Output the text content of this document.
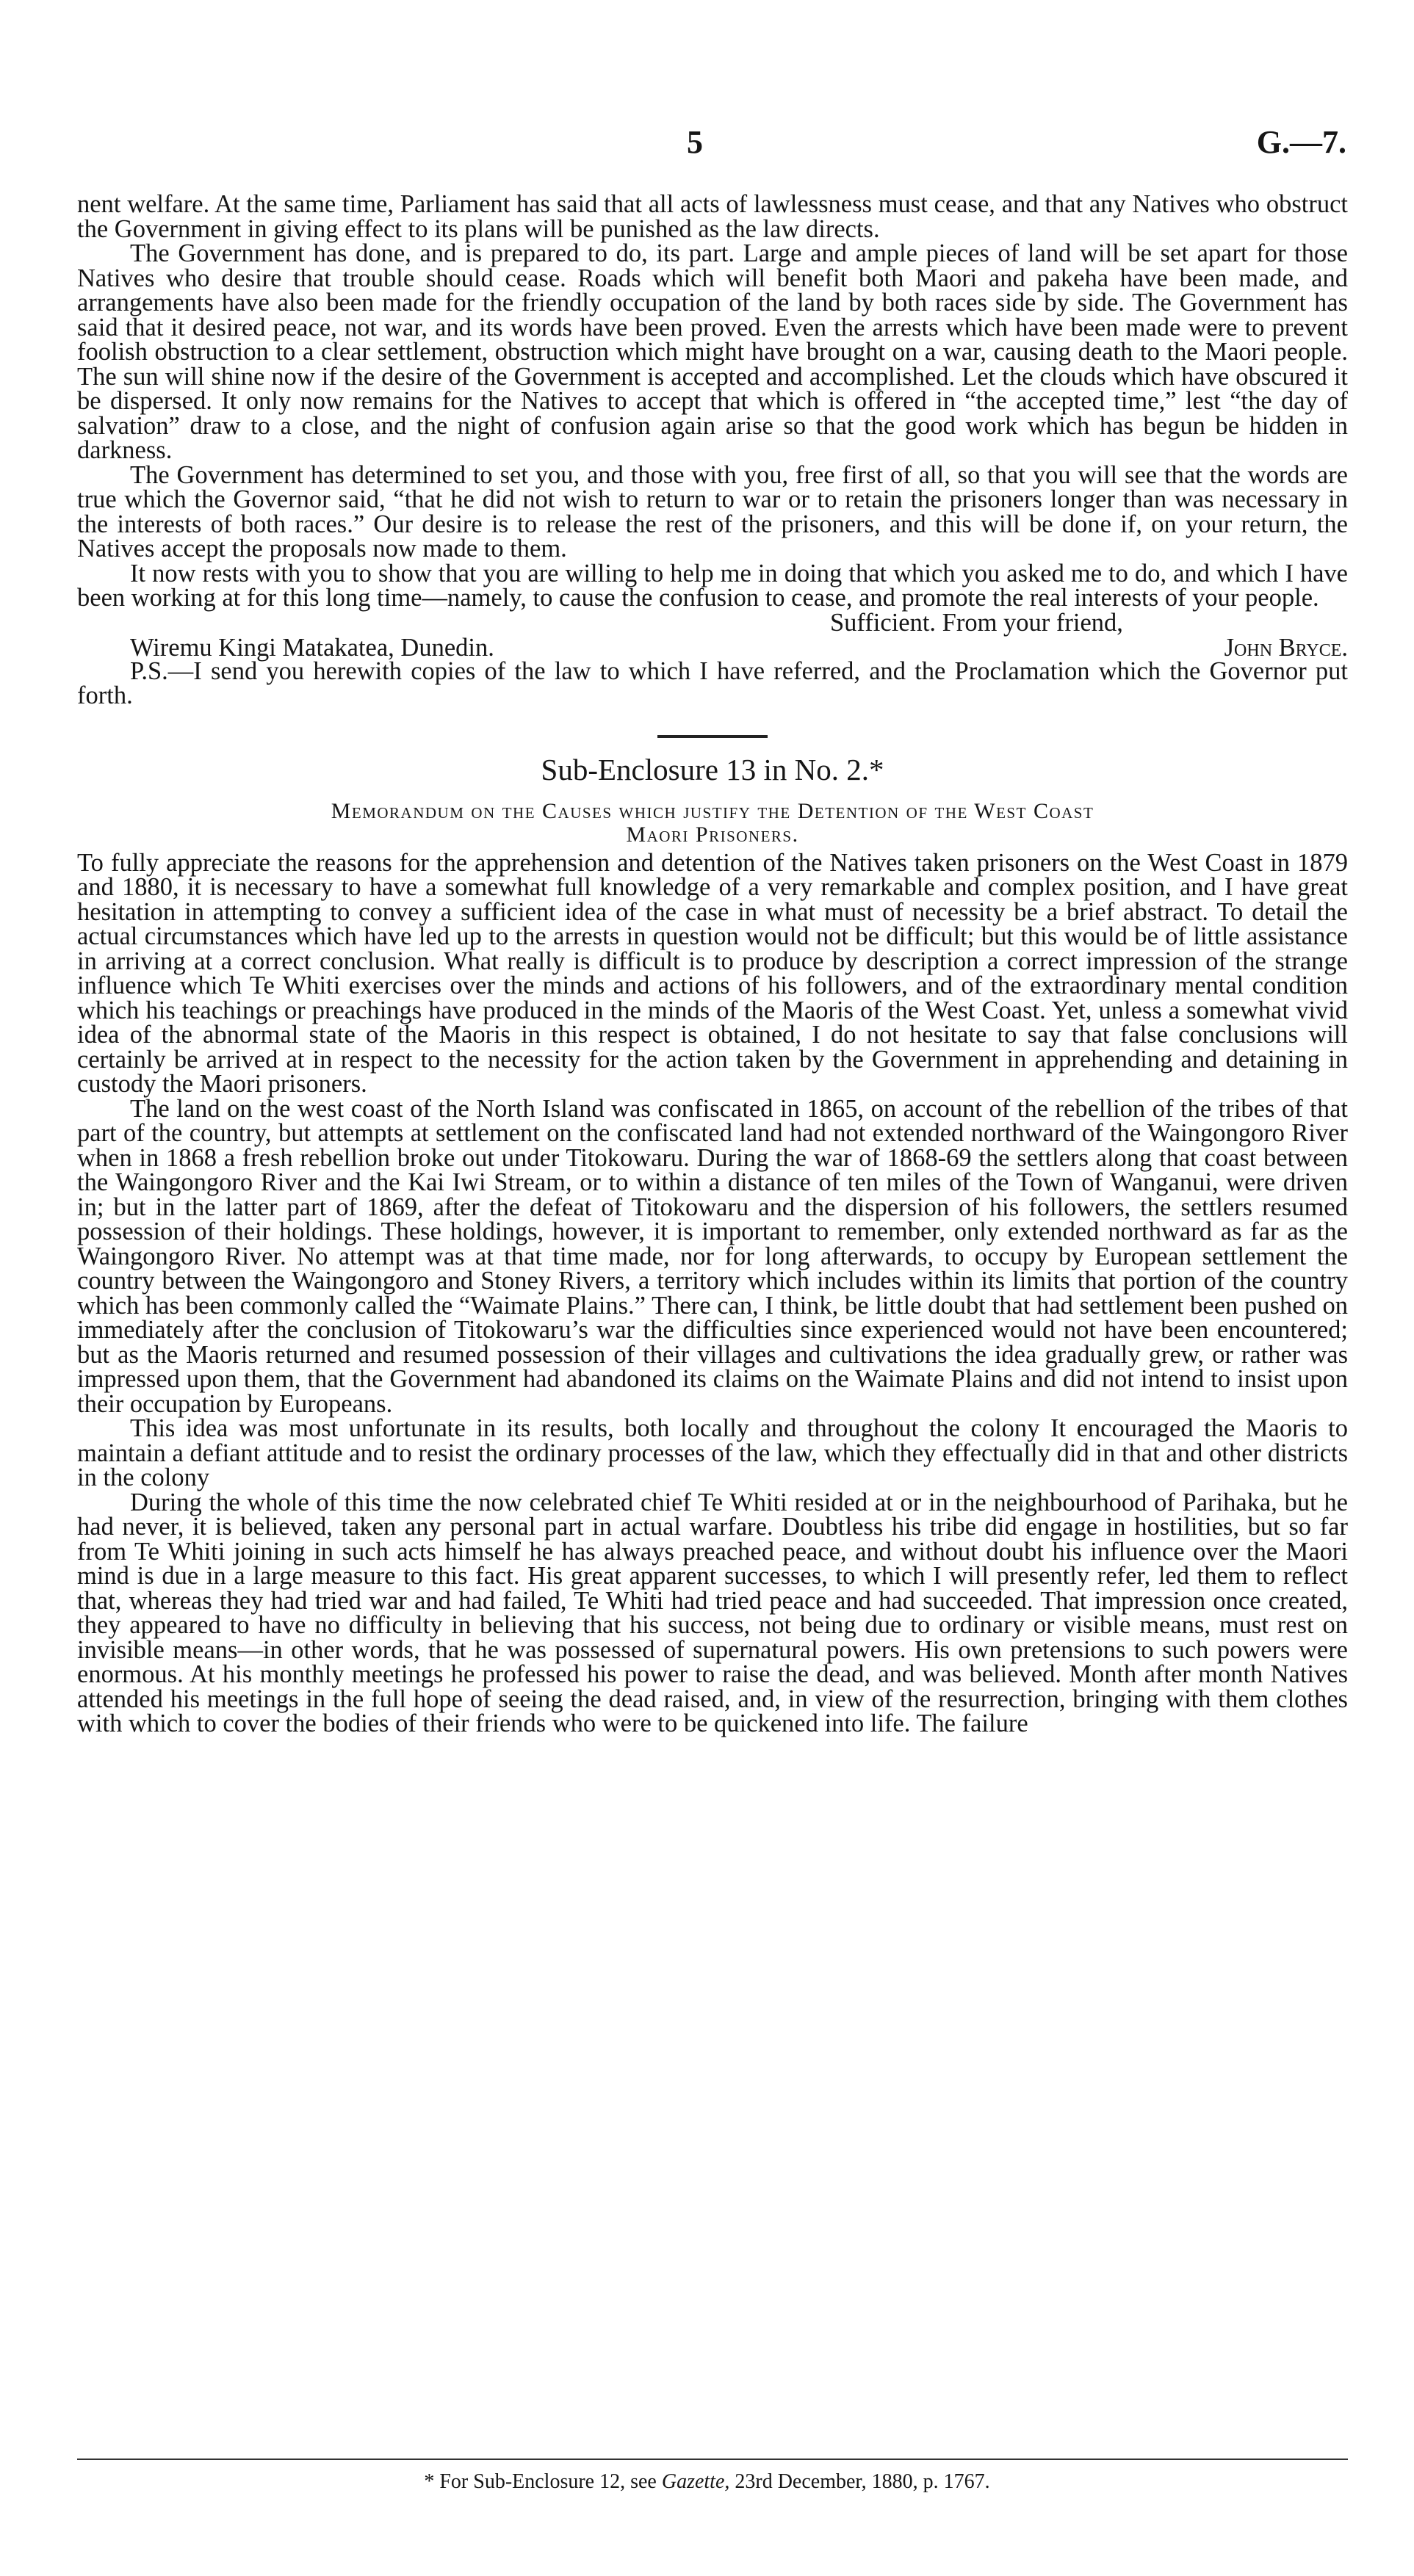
5	G.—7.

nent welfare. At the same time, Parliament has said that all acts of lawlessness must cease, and that any Natives who obstruct the Government in giving effect to its plans will be punished as the law directs.

The Government has done, and is prepared to do, its part. Large and ample pieces of land will be set apart for those Natives who desire that trouble should cease. Roads which will benefit both Maori and pakeha have been made, and arrangements have also been made for the friendly occupation of the land by both races side by side. The Government has said that it desired peace, not war, and its words have been proved. Even the arrests which have been made were to prevent foolish obstruction to a clear settlement, obstruction which might have brought on a war, causing death to the Maori people. The sun will shine now if the desire of the Government is accepted and accomplished. Let the clouds which have obscured it be dispersed. It only now remains for the Natives to accept that which is offered in “the accepted time,” lest “the day of salvation” draw to a close, and the night of confusion again arise so that the good work which has begun be hidden in darkness.

The Government has determined to set you, and those with you, free first of all, so that you will see that the words are true which the Governor said, “that he did not wish to return to war or to retain the prisoners longer than was necessary in the interests of both races.” Our desire is to release the rest of the prisoners, and this will be done if, on your return, the Natives accept the proposals now made to them.

It now rests with you to show that you are willing to help me in doing that which you asked me to do, and which I have been working at for this long time—namely, to cause the confusion to cease, and promote the real interests of your people.

Sufficient. From your friend,
Wiremu Kingi Matakatea, Dunedin.	John Bryce.

P.S.—I send you herewith copies of the law to which I have referred, and the Proclamation which the Governor put forth.

Sub-Enclosure 13 in No. 2.*
Memorandum on the Causes which justify the Detention of the West Coast
Maori Prisoners.

To fully appreciate the reasons for the apprehension and detention of the Natives taken prisoners on the West Coast in 1879 and 1880, it is necessary to have a somewhat full knowledge of a very remarkable and complex position, and I have great hesitation in attempting to convey a sufficient idea of the case in what must of necessity be a brief abstract. To detail the actual circumstances which have led up to the arrests in question would not be difficult; but this would be of little assistance in arriving at a correct conclusion. What really is difficult is to produce by description a correct impression of the strange influence which Te Whiti exercises over the minds and actions of his followers, and of the extraordinary mental condition which his teachings or preachings have produced in the minds of the Maoris of the West Coast. Yet, unless a somewhat vivid idea of the abnormal state of the Maoris in this respect is obtained, I do not hesitate to say that false conclusions will certainly be arrived at in respect to the necessity for the action taken by the Government in apprehending and detaining in custody the Maori prisoners.

The land on the west coast of the North Island was confiscated in 1865, on account of the rebellion of the tribes of that part of the country, but attempts at settlement on the confiscated land had not extended northward of the Waingongoro River when in 1868 a fresh rebellion broke out under Titokowaru. During the war of 1868-69 the settlers along that coast between the Waingongoro River and the Kai Iwi Stream, or to within a distance of ten miles of the Town of Wanganui, were driven in; but in the latter part of 1869, after the defeat of Titokowaru and the dispersion of his followers, the settlers resumed possession of their holdings. These holdings, however, it is important to remember, only extended northward as far as the Waingongoro River. No attempt was at that time made, nor for long afterwards, to occupy by European settlement the country between the Waingongoro and Stoney Rivers, a territory which includes within its limits that portion of the country which has been commonly called the “Waimate Plains.” There can, I think, be little doubt that had settlement been pushed on immediately after the conclusion of Titokowaru’s war the difficulties since experienced would not have been encountered; but as the Maoris returned and resumed possession of their villages and cultivations the idea gradually grew, or rather was impressed upon them, that the Government had abandoned its claims on the Waimate Plains and did not intend to insist upon their occupation by Europeans.

This idea was most unfortunate in its results, both locally and throughout the colony It encouraged the Maoris to maintain a defiant attitude and to resist the ordinary processes of the law, which they effectually did in that and other districts in the colony

During the whole of this time the now celebrated chief Te Whiti resided at or in the neighbourhood of Parihaka, but he had never, it is believed, taken any personal part in actual warfare. Doubtless his tribe did engage in hostilities, but so far from Te Whiti joining in such acts himself he has always preached peace, and without doubt his influence over the Maori mind is due in a large measure to this fact. His great apparent successes, to which I will presently refer, led them to reflect that, whereas they had tried war and had failed, Te Whiti had tried peace and had succeeded. That impression once created, they appeared to have no difficulty in believing that his success, not being due to ordinary or visible means, must rest on invisible means—in other words, that he was possessed of supernatural powers. His own pretensions to such powers were enormous. At his monthly meetings he professed his power to raise the dead, and was believed. Month after month Natives attended his meetings in the full hope of seeing the dead raised, and, in view of the resurrection, bringing with them clothes with which to cover the bodies of their friends who were to be quickened into life. The failure

* For Sub-Enclosure 12, see Gazette, 23rd December, 1880, p. 1767.
